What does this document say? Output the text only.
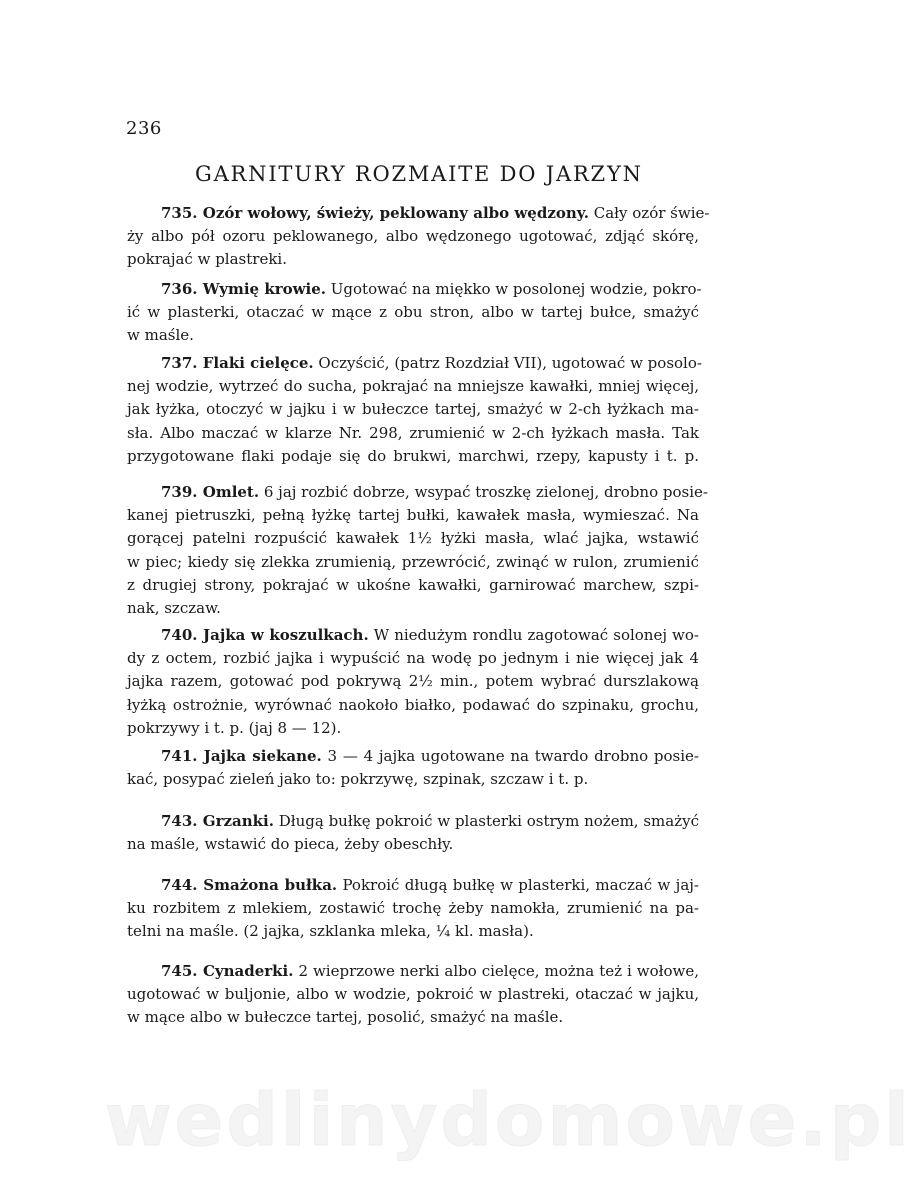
236
GARNITURY ROZMAITE DO JARZYN
735. Ozór wołowy, świeży, peklowany albo wędzony. Cały ozór świe-
ży albo pół ozoru peklowanego, albo wędzonego ugotować, zdjąć skórę,
pokrajać w plastreki.
736. Wymię krowie. Ugotować na miękko w posolonej wodzie, pokro-
ić w plasterki, otaczać w mące z obu stron, albo w tartej bułce, smażyć
w maśle.
737. Flaki cielęce. Oczyścić, (patrz Rozdział VII), ugotować w posolo-
nej wodzie, wytrzeć do sucha, pokrajać na mniejsze kawałki, mniej więcej,
jak łyżka, otoczyć w jajku i w bułeczce tartej, smażyć w 2-ch łyżkach ma-
sła. Albo maczać w klarze Nr. 298, zrumienić w 2-ch łyżkach masła. Tak
przygotowane flaki podaje się do brukwi, marchwi, rzepy, kapusty i t. p.
739. Omlet. 6 jaj rozbić dobrze, wsypać troszkę zielonej, drobno posie-
kanej pietruszki, pełną łyżkę tartej bułki, kawałek masła, wymieszać. Na
gorącej patelni rozpuścić kawałek 1½ łyżki masła, wlać jajka, wstawić
w piec; kiedy się zlekka zrumienią, przewrócić, zwinąć w rulon, zrumienić
z drugiej strony, pokrajać w ukośne kawałki, garnirować marchew, szpi-
nak, szczaw.
740. Jajka w koszulkach. W niedużym rondlu zagotować solonej wo-
dy z octem, rozbić jajka i wypuścić na wodę po jednym i nie więcej jak 4
jajka razem, gotować pod pokrywą 2½ min., potem wybrać durszlakową
łyżką ostrożnie, wyrównać naokoło białko, podawać do szpinaku, grochu,
pokrzywy i t. p. (jaj 8 — 12).
741. Jajka siekane. 3 — 4 jajka ugotowane na twardo drobno posie-
kać, posypać zieleń jako to: pokrzywę, szpinak, szczaw i t. p.
743. Grzanki. Długą bułkę pokroić w plasterki ostrym nożem, smażyć
na maśle, wstawić do pieca, żeby obeschły.
744. Smażona bułka. Pokroić długą bułkę w plasterki, maczać w jaj-
ku rozbitem z mlekiem, zostawić trochę żeby namokła, zrumienić na pa-
telni na maśle. (2 jajka, szklanka mleka, ¼ kl. masła).
745. Cynaderki. 2 wieprzowe nerki albo cielęce, można też i wołowe,
ugotować w buljonie, albo w wodzie, pokroić w plastreki, otaczać w jajku,
w mące albo w bułeczce tartej, posolić, smażyć na maśle.
wedlinydomowe.pl
